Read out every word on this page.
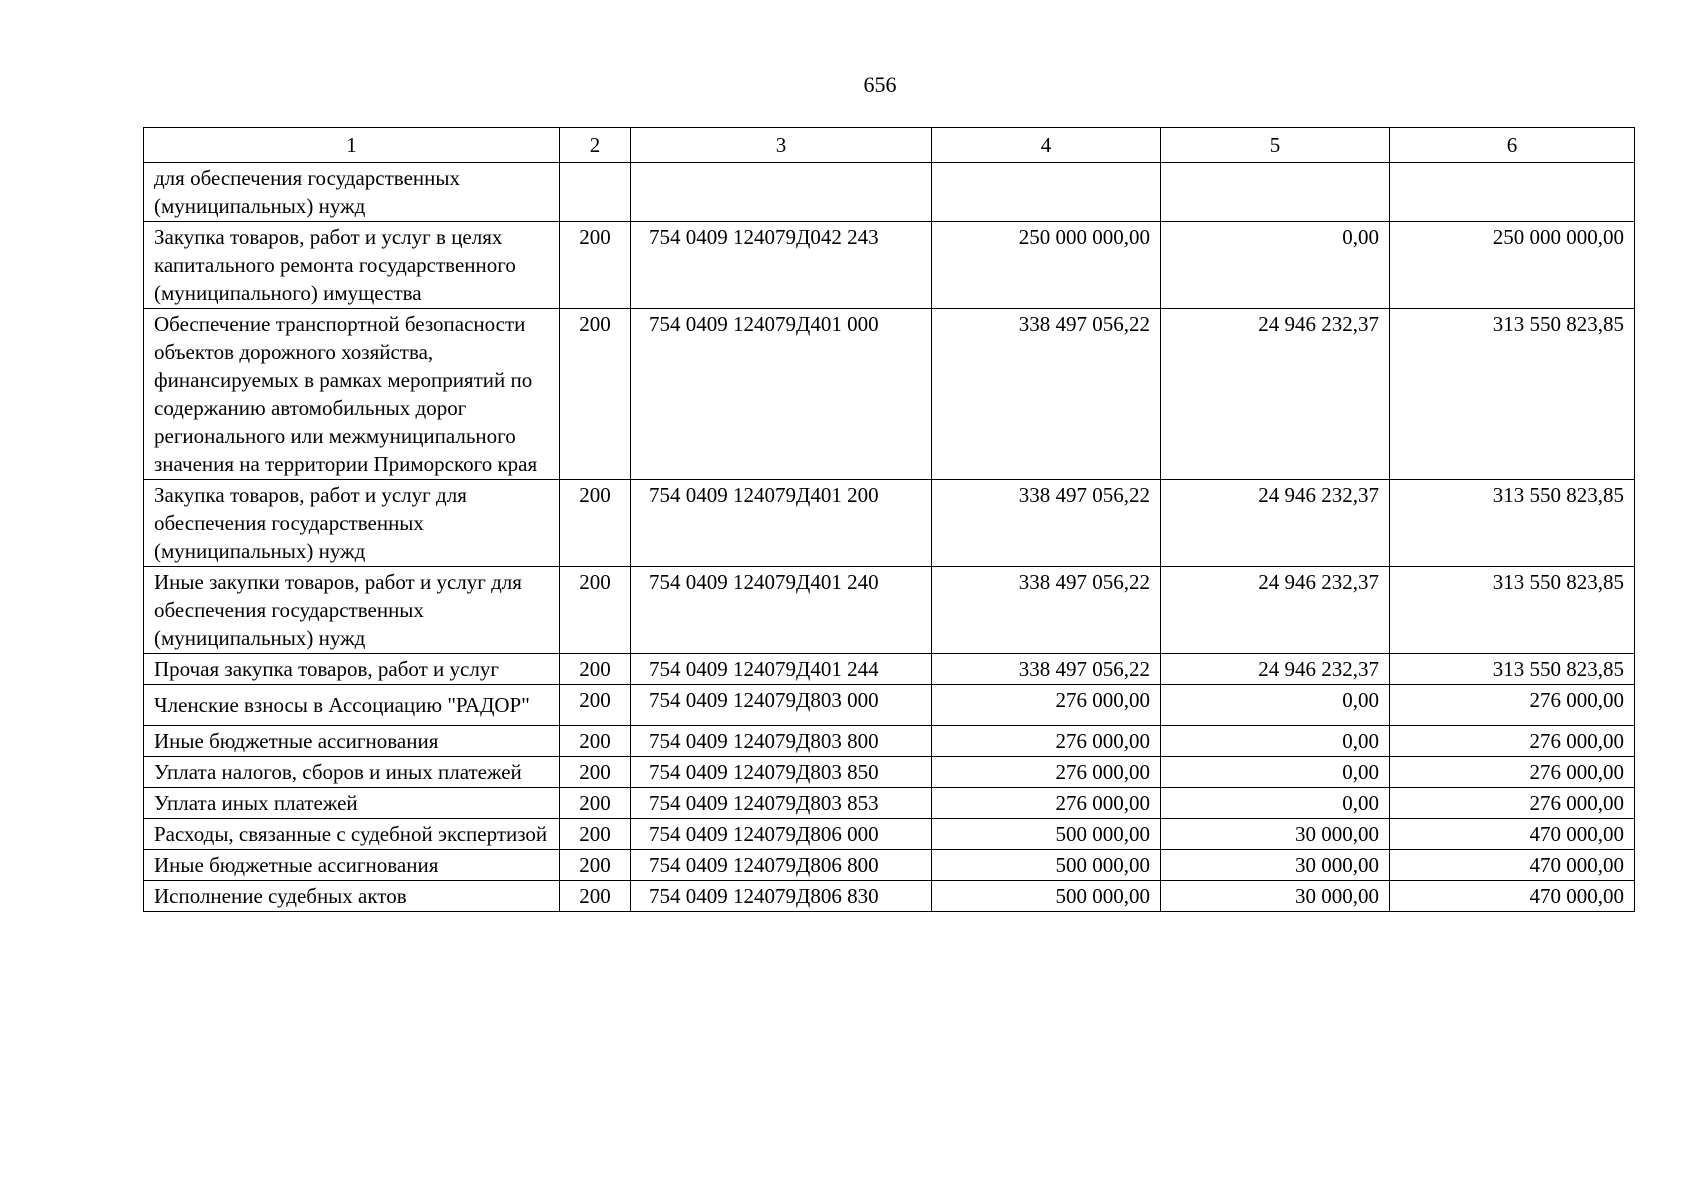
656
1	2	3	4	5	6
для обеспечения государственных (муниципальных) нужд					
Закупка товаров, работ и услуг в целях капитального ремонта государственного (муниципального) имущества	200	754 0409 124079Д042 243	250 000 000,00	0,00	250 000 000,00
Обеспечение транспортной безопасности объектов дорожного хозяйства, финансируемых в рамках мероприятий по содержанию автомобильных дорог регионального или межмуниципального значения на территории Приморского края	200	754 0409 124079Д401 000	338 497 056,22	24 946 232,37	313 550 823,85
Закупка товаров, работ и услуг для обеспечения государственных (муниципальных) нужд	200	754 0409 124079Д401 200	338 497 056,22	24 946 232,37	313 550 823,85
Иные закупки товаров, работ и услуг для обеспечения государственных (муниципальных) нужд	200	754 0409 124079Д401 240	338 497 056,22	24 946 232,37	313 550 823,85
Прочая закупка товаров, работ и услуг	200	754 0409 124079Д401 244	338 497 056,22	24 946 232,37	313 550 823,85
Членские взносы в Ассоциацию "РАДОР"	200	754 0409 124079Д803 000	276 000,00	0,00	276 000,00
Иные бюджетные ассигнования	200	754 0409 124079Д803 800	276 000,00	0,00	276 000,00
Уплата налогов, сборов и иных платежей	200	754 0409 124079Д803 850	276 000,00	0,00	276 000,00
Уплата иных платежей	200	754 0409 124079Д803 853	276 000,00	0,00	276 000,00
Расходы, связанные с судебной экспертизой	200	754 0409 124079Д806 000	500 000,00	30 000,00	470 000,00
Иные бюджетные ассигнования	200	754 0409 124079Д806 800	500 000,00	30 000,00	470 000,00
Исполнение судебных актов	200	754 0409 124079Д806 830	500 000,00	30 000,00	470 000,00
